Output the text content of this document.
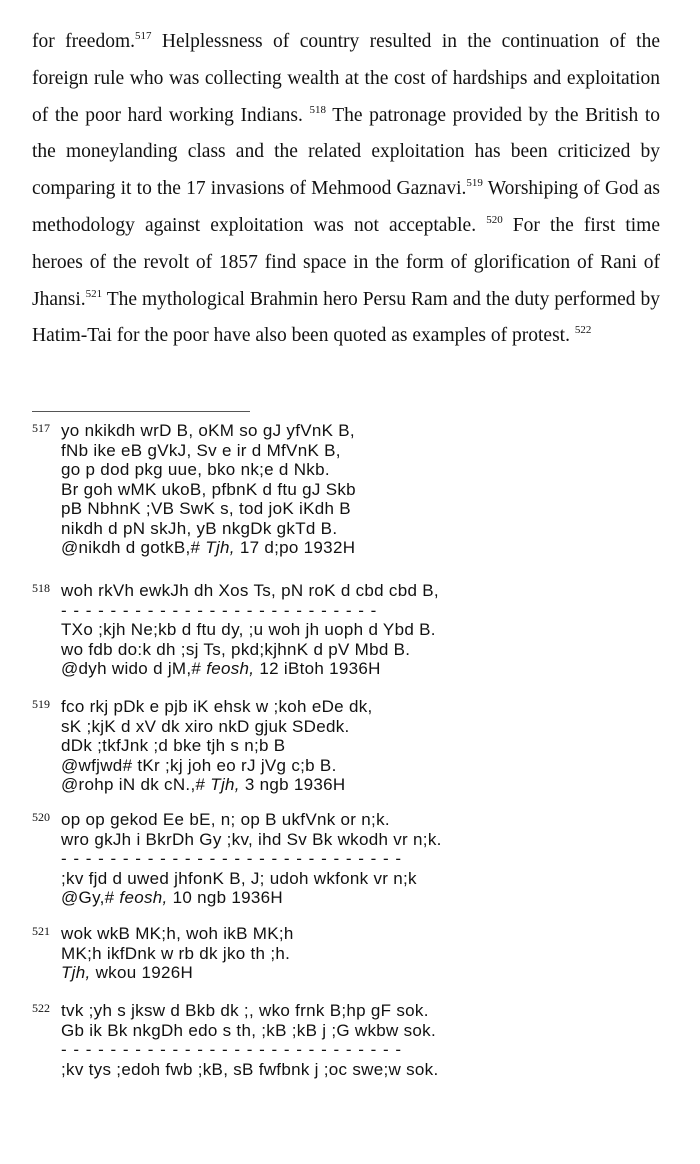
for freedom.$^{517}$ Helplessness of country resulted in the continuation of the foreign rule who was collecting wealth at the cost of hardships and exploitation of the poor hard working Indians. $^{518}$ The patronage provided by the British to the moneylanding class and the related exploitation has been criticized by comparing it to the 17 invasions of Mehmood Gaznavi.$^{519}$ Worshiping of God as methodology against exploitation was not acceptable. $^{520}$ For the first time heroes of the revolt of 1857 find space in the form of glorification of Rani of Jhansi.$^{521}$ The mythological Brahmin hero Persu Ram and the duty performed by Hatim-Tai for the poor have also been quoted as examples of protest. $^{522}$
517 yo nkikdh wrD B, oKM so gJ yfVnK B,
fNb ike eB gVkJ, Sv e ir d MfVnK B,
go p dod pkg uue, bko nk;e d Nkb.
Br goh wMK ukoB, pfbnK d ftu gJ Skb
pB NbhnK ;VB SwK s, tod joK iKdh B
nikdh d pN skJh, yB nkgDk gkTd B.
@nikdh d gotkB,# Tjh, 17 d;po 1932H
518 woh rkVh ewkJh dh Xos Ts, pN roK d cbd cbd B,
- - - - - - - - - - - - - - - - - - - - - - - - - -
TXo ;kjh Ne;kb d ftu dy, ;u woh jh uoph d Ybd B.
wo fdb do:k dh ;sj Ts, pkd;kjhnK d pV Mbd B.
@dyh wido d jM,# feosh, 12 iBtoh 1936H
519 fco rkj pDk e pjb iK ehsk w ;koh eDe dk,
sK ;kjK d xV dk xiro nkD gjuk SDedk.
dDk ;tkfJnk ;d bke tjh s n;b B
@wfjwd# tKr ;kj joh eo rJ jVg c;b B.
@rohp iN dk cN.,# Tjh, 3 ngb 1936H
520 op op gekod Ee bE, n; op B ukfVnk or n;k.
wro gkJh i BkrDh Gy ;kv, ihd Sv Bk wkodh vr n;k.
- - - - - - - - - - - - - - - - - - - - - - - - - - - -
;kv fjd d uwed jhfonK B, J; udoh wkfonk vr n;k
@Gy,# feosh, 10 ngb 1936H
521 wok wkB MK;h, woh ikB MK;h
MK;h ikfDnk w rb dk jko th ;h.
Tjh, wkou 1926H
522 tvk ;yh s jksw d Bkb dk ;, wko frnk B;hp gF sok.
Gb ik Bk nkgDh edo s th, ;kB ;kB j ;G wkbw sok.
- - - - - - - - - - - - - - - - - - - - - - - - - - - -
;kv tys ;edoh fwb ;kB, sB fwfbnk j ;oc swe;w sok.
